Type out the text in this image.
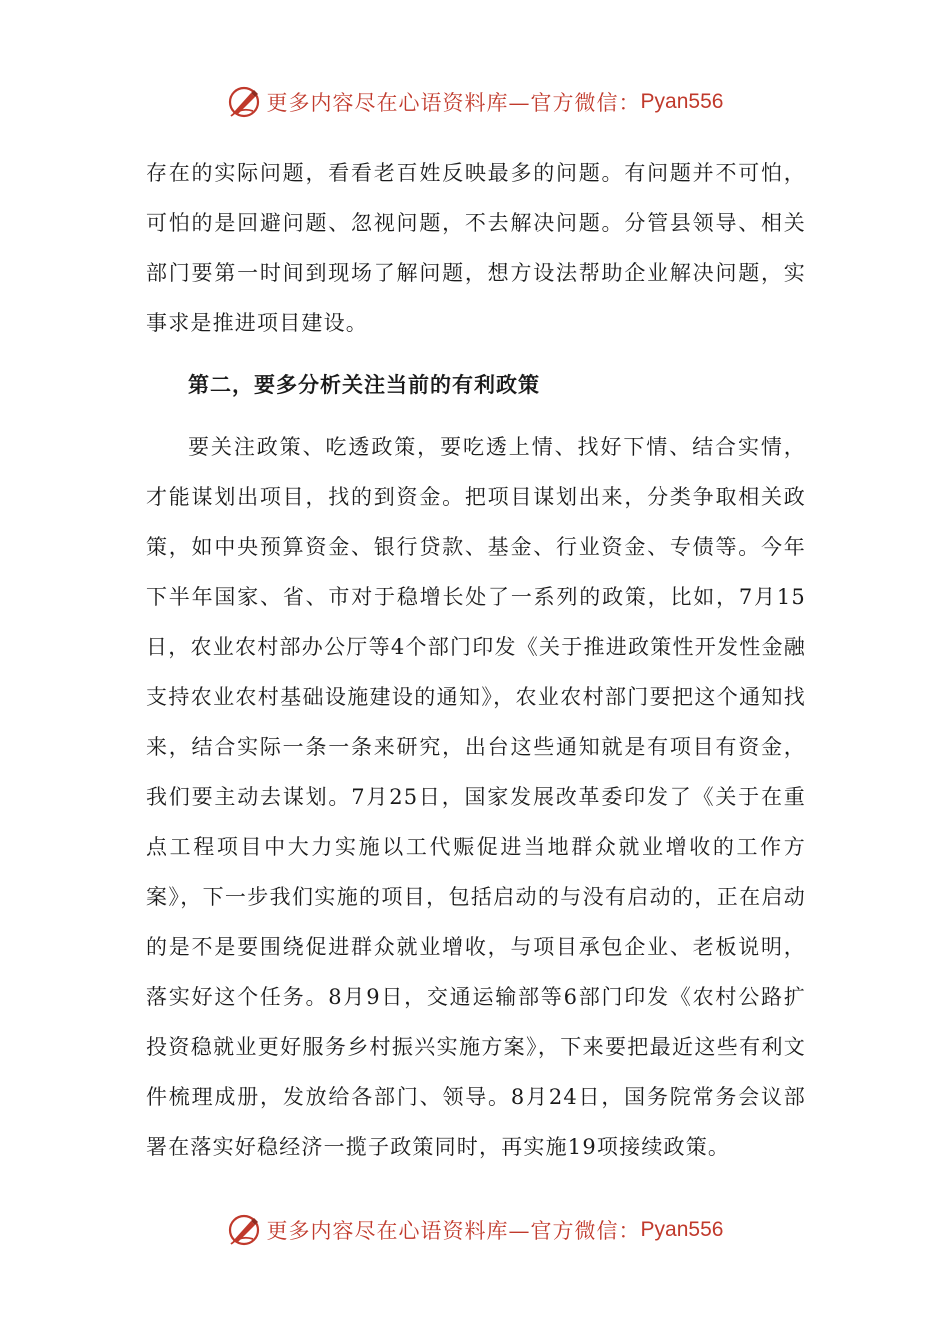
更多内容尽在心语资料库—官方微信： Pyan556

存在的实际问题，看看老百姓反映最多的问题。有问题并不可怕，可怕的是回避问题、忽视问题，不去解决问题。分管县领导、相关部门要第一时间到现场了解问题，想方设法帮助企业解决问题，实事求是推进项目建设。

第二，要多分析关注当前的有利政策

要关注政策、吃透政策，要吃透上情、找好下情、结合实情，才能谋划出项目，找的到资金。把项目谋划出来，分类争取相关政策，如中央预算资金、银行贷款、基金、行业资金、专债等。今年下半年国家、省、市对于稳增长处了一系列的政策，比如，7月15日，农业农村部办公厅等4个部门印发《关于推进政策性开发性金融支持农业农村基础设施建设的通知》，农业农村部门要把这个通知找来，结合实际一条一条来研究，出台这些通知就是有项目有资金，我们要主动去谋划。7月25日，国家发展改革委印发了《关于在重点工程项目中大力实施以工代赈促进当地群众就业增收的工作方案》，下一步我们实施的项目，包括启动的与没有启动的，正在启动的是不是要围绕促进群众就业增收，与项目承包企业、老板说明，落实好这个任务。8月9日，交通运输部等6部门印发《农村公路扩投资稳就业更好服务乡村振兴实施方案》，下来要把最近这些有利文件梳理成册，发放给各部门、领导。8月24日，国务院常务会议部署在落实好稳经济一揽子政策同时，再实施19项接续政策。

更多内容尽在心语资料库—官方微信： Pyan556
